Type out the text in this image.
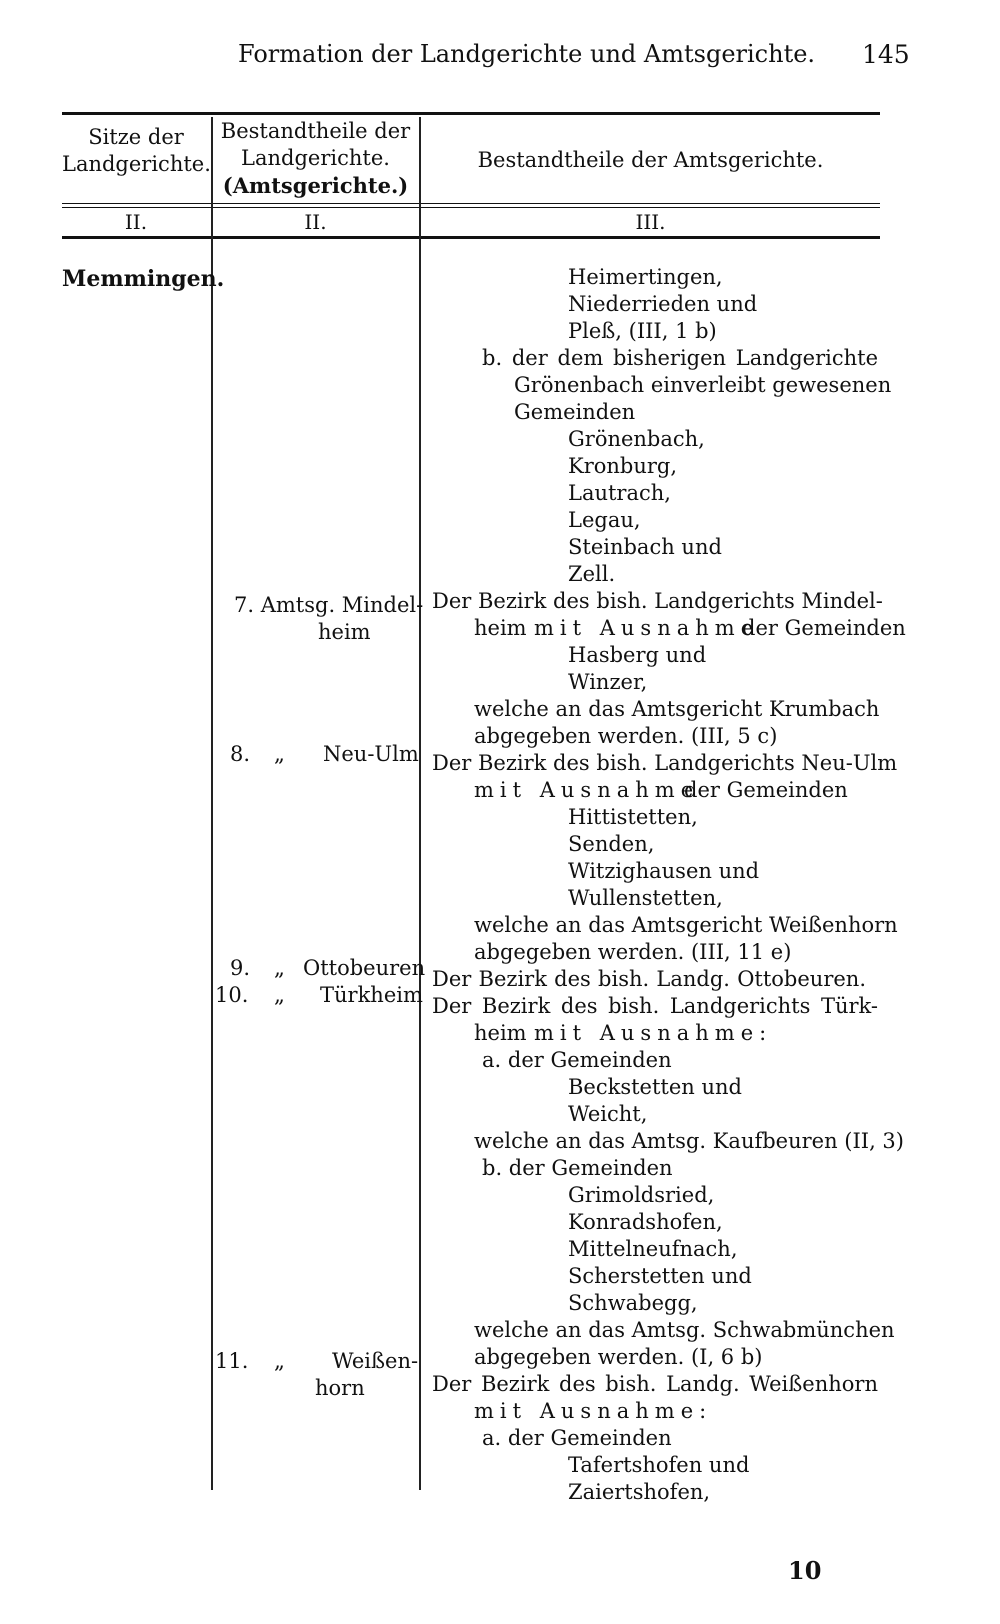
Formation der Landgerichte und Amtsgerichte. 145
Sitze der
Landgerichte.
Bestandtheile der
Landgerichte.
(Amtsgerichte.)
Bestandtheile der Amtsgerichte.
II.	II.	III.
Memmingen.
7. Amtsg. Mindel-
heim
8. „ Neu-Ulm
9. „ Ottobeuren
10. „ Türkheim
11. „ Weißen-
horn
Heimertingen,
Niederrieden und
Pleß, (III, 1 b)
b. der dem bisherigen Landgerichte
Grönenbach einverleibt gewesenen
Gemeinden
Grönenbach,
Kronburg,
Lautrach,
Legau,
Steinbach und
Zell.
Der Bezirk des bish. Landgerichts Mindel-
heim mit Ausnahme
der Gemeinden
Hasberg und
Winzer,
welche an das Amtsgericht Krumbach
abgegeben werden. (III, 5 c)
Der Bezirk des bish. Landgerichts Neu-Ulm
mit Ausnahme
der Gemeinden
Hittistetten,
Senden,
Witzighausen und
Wullenstetten,
welche an das Amtsgericht Weißenhorn
abgegeben werden. (III, 11 e)
Der Bezirk des bish. Landg. Ottobeuren.
Der Bezirk des bish. Landgerichts Türk-
heim mit Ausnahme:
a. der Gemeinden
Beckstetten und
Weicht,
welche an das Amtsg. Kaufbeuren (II, 3)
b. der Gemeinden
Grimoldsried,
Konradshofen,
Mittelneufnach,
Scherstetten und
Schwabegg,
welche an das Amtsg. Schwabmünchen
abgegeben werden. (I, 6 b)
Der Bezirk des bish. Landg. Weißenhorn
mit Ausnahme:
a. der Gemeinden
Tafertshofen und
Zaiertshofen,
10
